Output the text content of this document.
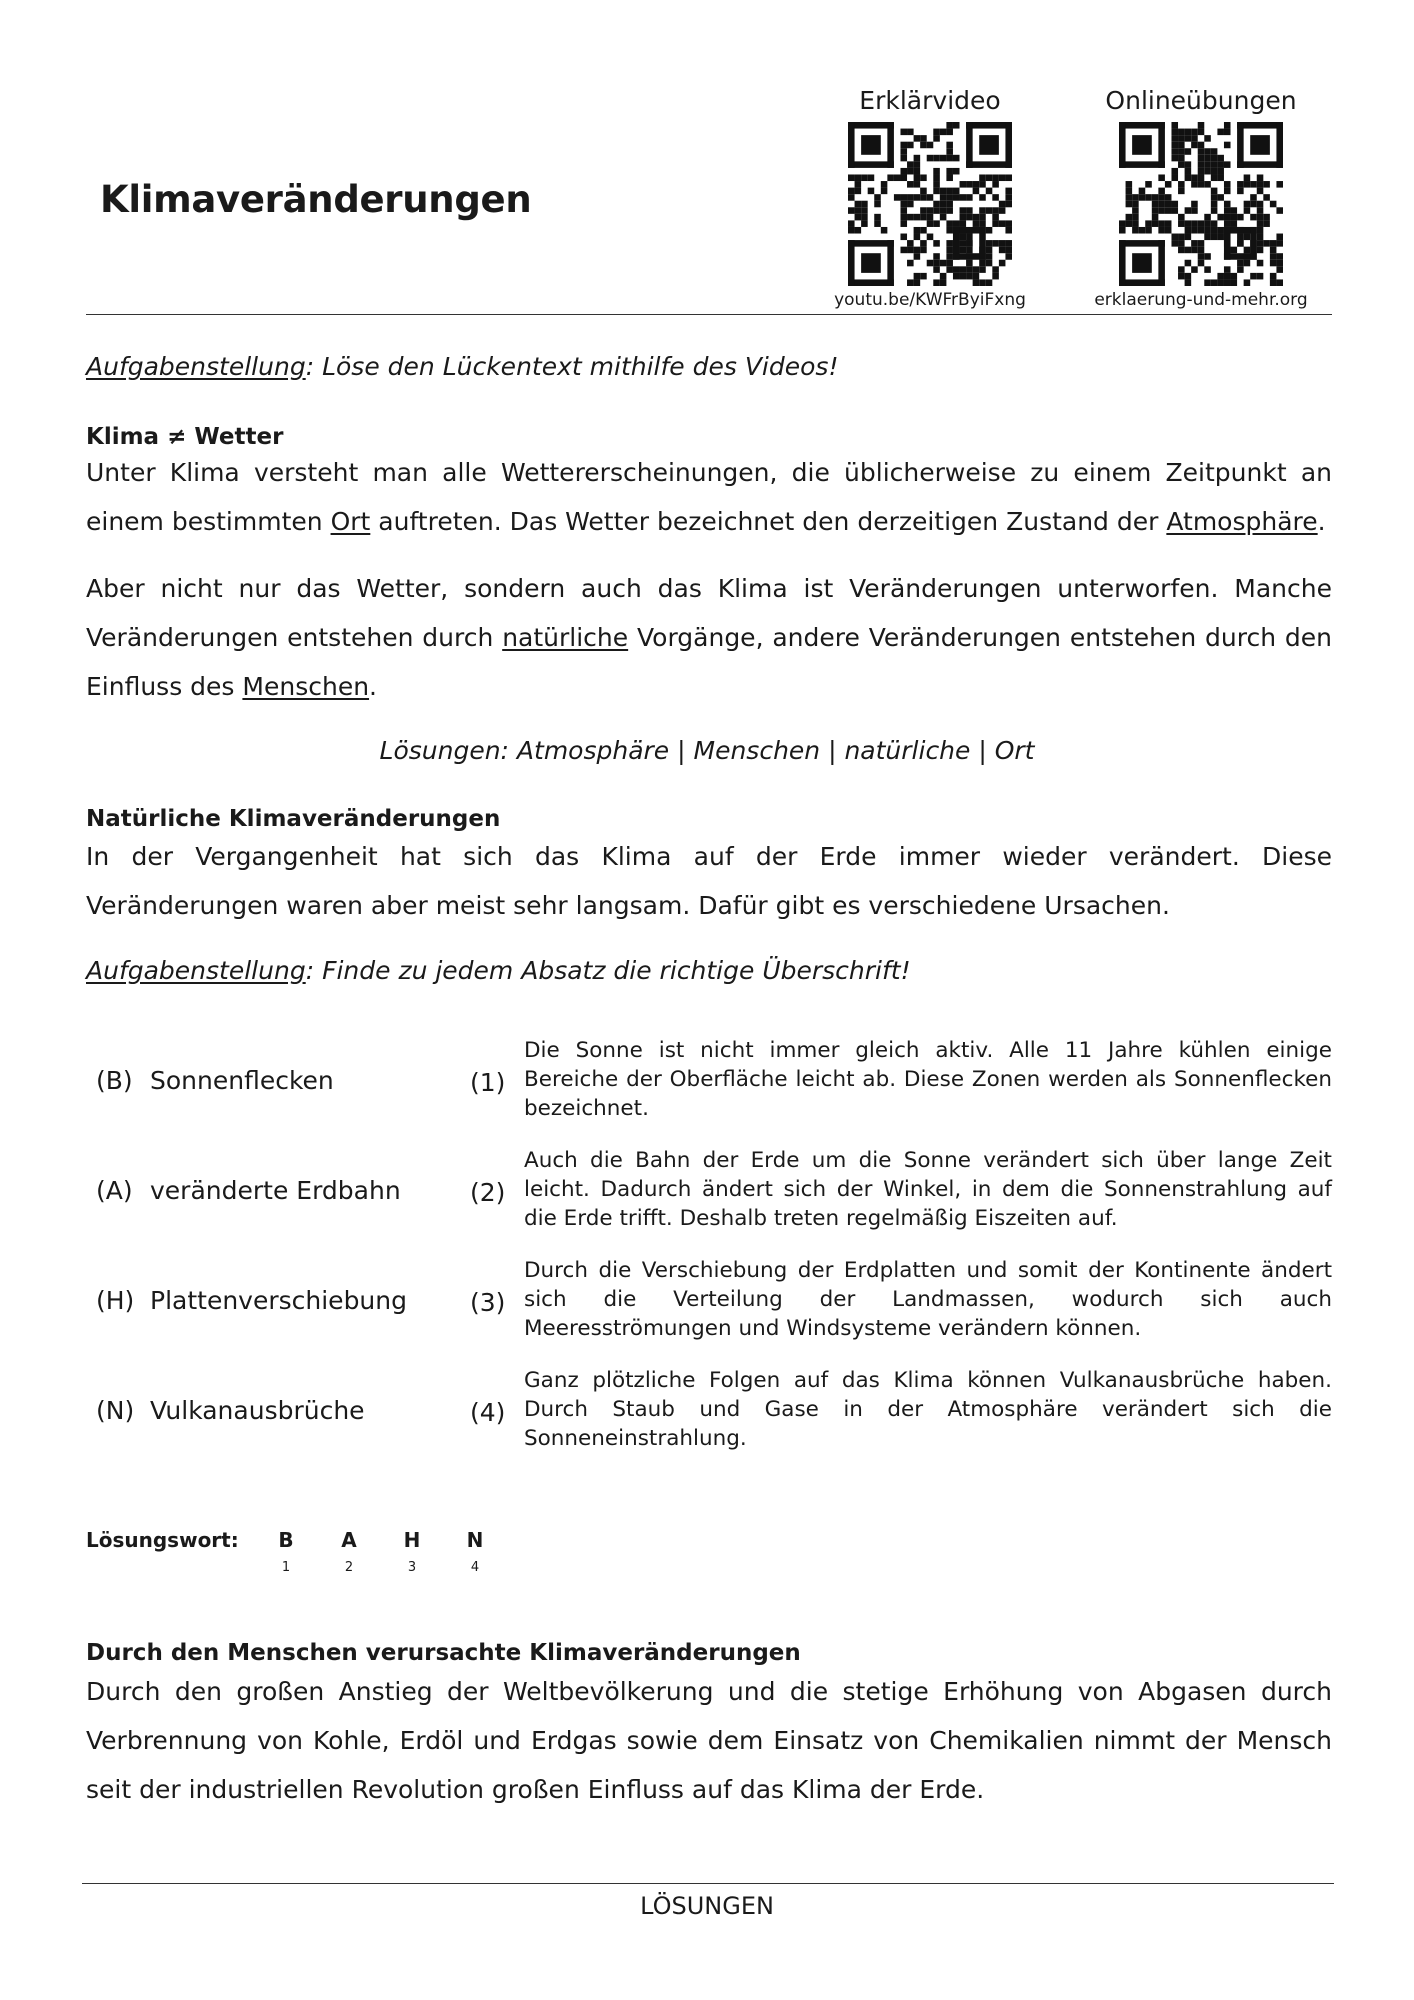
Klimaveränderungen
Erklärvideo
youtu.be/KWFrByiFxng
Onlineübungen
erklaerung-und-mehr.org
Aufgabenstellung: Löse den Lückentext mithilfe des Videos!
Klima ≠ Wetter
Unter Klima versteht man alle Wettererscheinungen, die üblicherweise zu einem Zeitpunkt an einem bestimmten Ort auftreten. Das Wetter bezeichnet den derzeitigen Zustand der Atmosphäre.
Aber nicht nur das Wetter, sondern auch das Klima ist Veränderungen unterworfen. Manche Veränderungen entstehen durch natürliche Vorgänge, andere Veränderungen entstehen durch den Einfluss des Menschen.
Lösungen: Atmosphäre | Menschen | natürliche | Ort
Natürliche Klimaveränderungen
In der Vergangenheit hat sich das Klima auf der Erde immer wieder verändert. Diese Veränderungen waren aber meist sehr langsam. Dafür gibt es verschiedene Ursachen.
Aufgabenstellung: Finde zu jedem Absatz die richtige Überschrift!
(B) Sonnenflecken	(1)
Die Sonne ist nicht immer gleich aktiv. Alle 11 Jahre kühlen einige Bereiche der Oberfläche leicht ab. Diese Zonen werden als Sonnenflecken bezeichnet.
(A) veränderte Erdbahn	(2)
Auch die Bahn der Erde um die Sonne verändert sich über lange Zeit leicht. Dadurch ändert sich der Winkel, in dem die Sonnenstrahlung auf die Erde trifft. Deshalb treten regelmäßig Eiszeiten auf.
(H) Plattenverschiebung	(3)
Durch die Verschiebung der Erdplatten und somit der Kontinente ändert sich die Verteilung der Landmassen, wodurch sich auch Meeresströmungen und Windsysteme verändern können.
(N) Vulkanausbrüche	(4)
Ganz plötzliche Folgen auf das Klima können Vulkanausbrüche haben. Durch Staub und Gase in der Atmosphäre verändert sich die Sonneneinstrahlung.
Lösungswort:	B	A	H	N
1	2	3	4
Durch den Menschen verursachte Klimaveränderungen
Durch den großen Anstieg der Weltbevölkerung und die stetige Erhöhung von Abgasen durch Verbrennung von Kohle, Erdöl und Erdgas sowie dem Einsatz von Chemikalien nimmt der Mensch seit der industriellen Revolution großen Einfluss auf das Klima der Erde.
LÖSUNGEN
